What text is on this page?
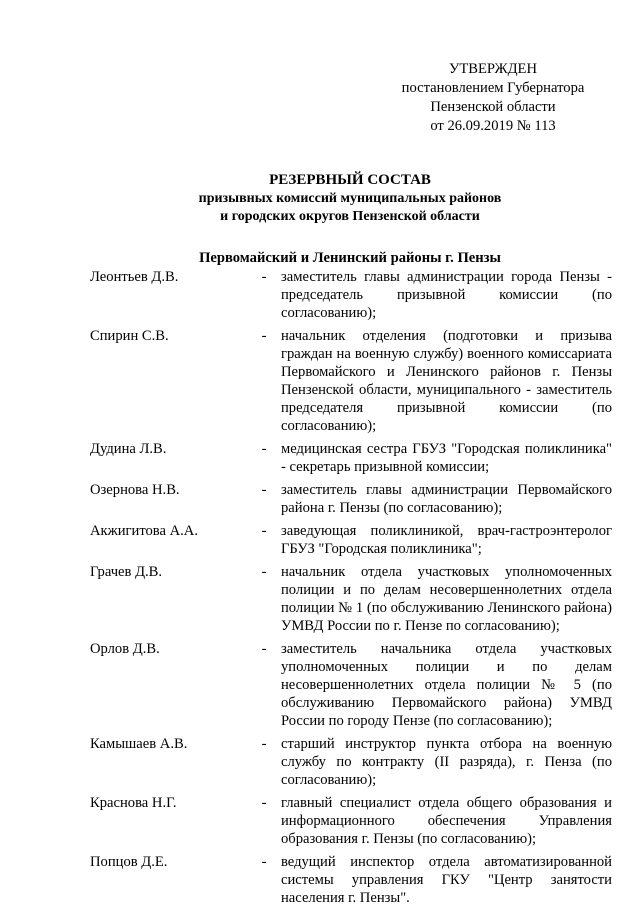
УТВЕРЖДЕН
постановлением Губернатора
Пензенской области
от 26.09.2019 № 113
РЕЗЕРВНЫЙ СОСТАВ
призывных комиссий муниципальных районов
и городских округов Пензенской области
Первомайский и Ленинский районы г. Пензы
Леонтьев Д.В.	- заместитель главы администрации города Пензы - председатель призывной комиссии (по согласованию);
Спирин С.В.	- начальник отделения (подготовки и призыва граждан на военную службу) военного комиссариата Первомайского и Ленинского районов г. Пензы Пензенской области, муниципального - заместитель председателя призывной комиссии (по согласованию);
Дудина Л.В.	- медицинская сестра ГБУЗ "Городская поликлиника" - секретарь призывной комиссии;
Озернова Н.В.	- заместитель главы администрации Первомайского района г. Пензы (по согласованию);
Акжигитова А.А.	- заведующая поликлиникой, врач-гастроэнтеролог ГБУЗ "Городская поликлиника";
Грачев Д.В.	- начальник отдела участковых уполномоченных полиции и по делам несовершеннолетних отдела полиции № 1 (по обслуживанию Ленинского района) УМВД России по г. Пензе по согласованию);
Орлов Д.В.	- заместитель начальника отдела участковых уполномоченных полиции и по делам несовершеннолетних отдела полиции № 5 (по обслуживанию Первомайского района) УМВД России по городу Пензе (по согласованию);
Камышаев А.В.	- старший инструктор пункта отбора на военную службу по контракту (II разряда), г. Пенза (по согласованию);
Краснова Н.Г.	- главный специалист отдела общего образования и информационного обеспечения Управления образования г. Пензы (по согласованию);
Попцов Д.Е.	- ведущий инспектор отдела автоматизированной системы управления ГКУ "Центр занятости населения г. Пензы".
